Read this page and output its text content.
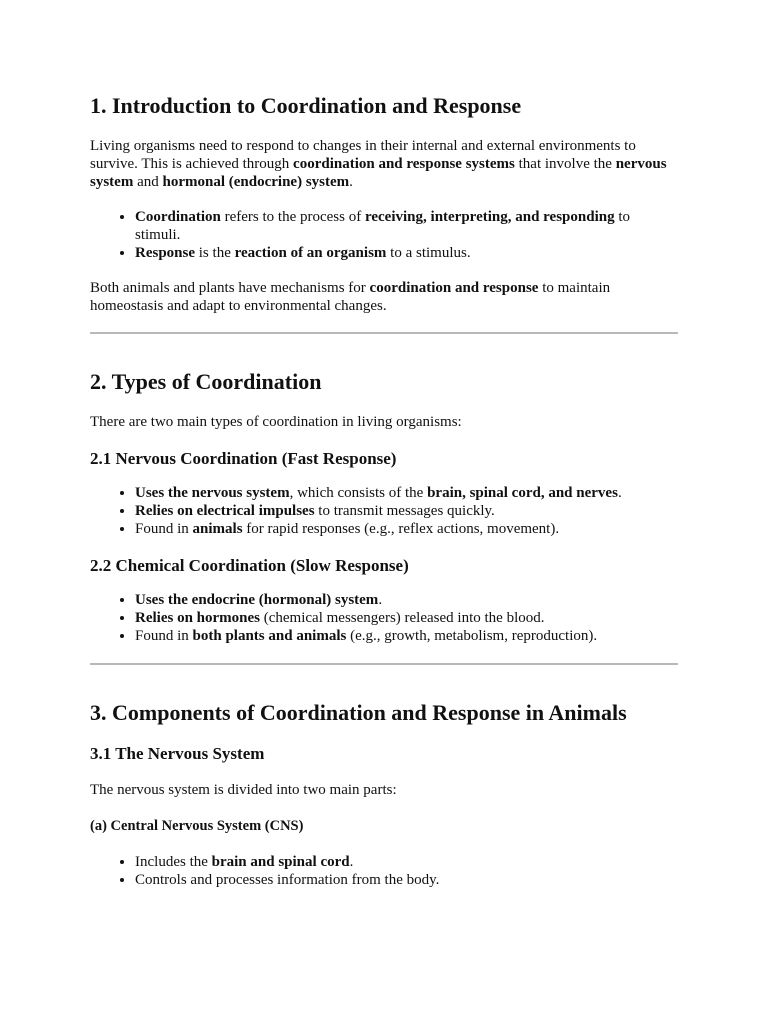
1. Introduction to Coordination and Response

Living organisms need to respond to changes in their internal and external environments to survive. This is achieved through coordination and response systems that involve the nervous system and hormonal (endocrine) system.

• Coordination refers to the process of receiving, interpreting, and responding to stimuli.
• Response is the reaction of an organism to a stimulus.

Both animals and plants have mechanisms for coordination and response to maintain homeostasis and adapt to environmental changes.

2. Types of Coordination

There are two main types of coordination in living organisms:

2.1 Nervous Coordination (Fast Response)
• Uses the nervous system, which consists of the brain, spinal cord, and nerves.
• Relies on electrical impulses to transmit messages quickly.
• Found in animals for rapid responses (e.g., reflex actions, movement).
2.2 Chemical Coordination (Slow Response)
• Uses the endocrine (hormonal) system.
• Relies on hormones (chemical messengers) released into the blood.
• Found in both plants and animals (e.g., growth, metabolism, reproduction).
3. Components of Coordination and Response in Animals
3.1 The Nervous System

The nervous system is divided into two main parts:

(a) Central Nervous System (CNS)
• Includes the brain and spinal cord.
• Controls and processes information from the body.
